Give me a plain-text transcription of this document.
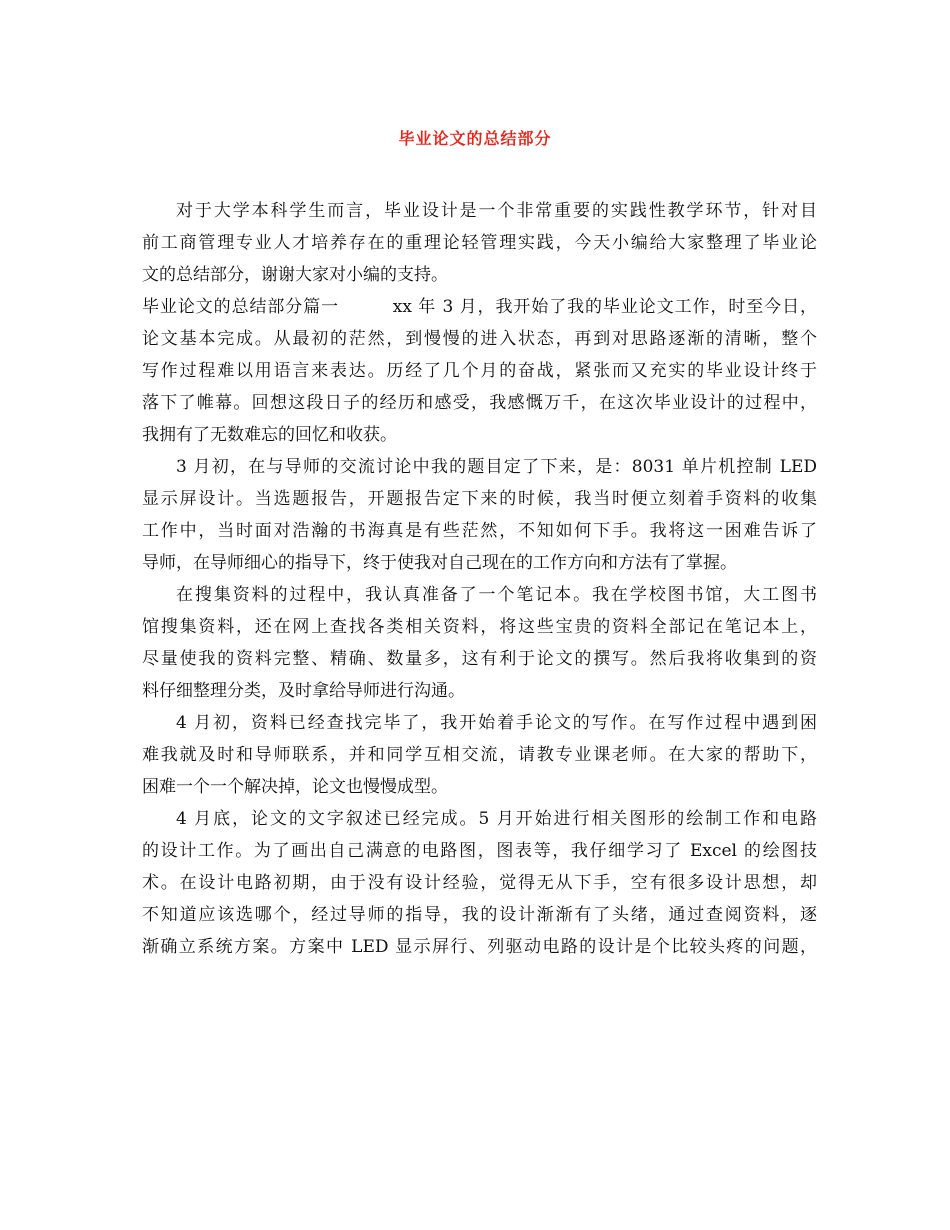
毕业论文的总结部分
对于大学本科学生而言，毕业设计是一个非常重要的实践性教学环节，针对目
前工商管理专业人才培养存在的重理论轻管理实践，今天小编给大家整理了毕业论
文的总结部分，谢谢大家对小编的支持。
毕业论文的总结部分篇一　　　xx 年 3 月，我开始了我的毕业论文工作，时至今日，
论文基本完成。从最初的茫然，到慢慢的进入状态，再到对思路逐渐的清晰，整个
写作过程难以用语言来表达。历经了几个月的奋战，紧张而又充实的毕业设计终于
落下了帷幕。回想这段日子的经历和感受，我感慨万千，在这次毕业设计的过程中，
我拥有了无数难忘的回忆和收获。
3 月初，在与导师的交流讨论中我的题目定了下来，是：8031 单片机控制 LED
显示屏设计。当选题报告，开题报告定下来的时候，我当时便立刻着手资料的收集
工作中，当时面对浩瀚的书海真是有些茫然，不知如何下手。我将这一困难告诉了
导师，在导师细心的指导下，终于使我对自己现在的工作方向和方法有了掌握。
在搜集资料的过程中，我认真准备了一个笔记本。我在学校图书馆，大工图书
馆搜集资料，还在网上查找各类相关资料，将这些宝贵的资料全部记在笔记本上，
尽量使我的资料完整、精确、数量多，这有利于论文的撰写。然后我将收集到的资
料仔细整理分类，及时拿给导师进行沟通。
4 月初，资料已经查找完毕了，我开始着手论文的写作。在写作过程中遇到困
难我就及时和导师联系，并和同学互相交流，请教专业课老师。在大家的帮助下，
困难一个一个解决掉，论文也慢慢成型。
4 月底，论文的文字叙述已经完成。5 月开始进行相关图形的绘制工作和电路
的设计工作。为了画出自己满意的电路图，图表等，我仔细学习了 Excel 的绘图技
术。在设计电路初期，由于没有设计经验，觉得无从下手，空有很多设计思想，却
不知道应该选哪个，经过导师的指导，我的设计渐渐有了头绪，通过查阅资料，逐
渐确立系统方案。方案中 LED 显示屏行、列驱动电路的设计是个比较头疼的问题，
